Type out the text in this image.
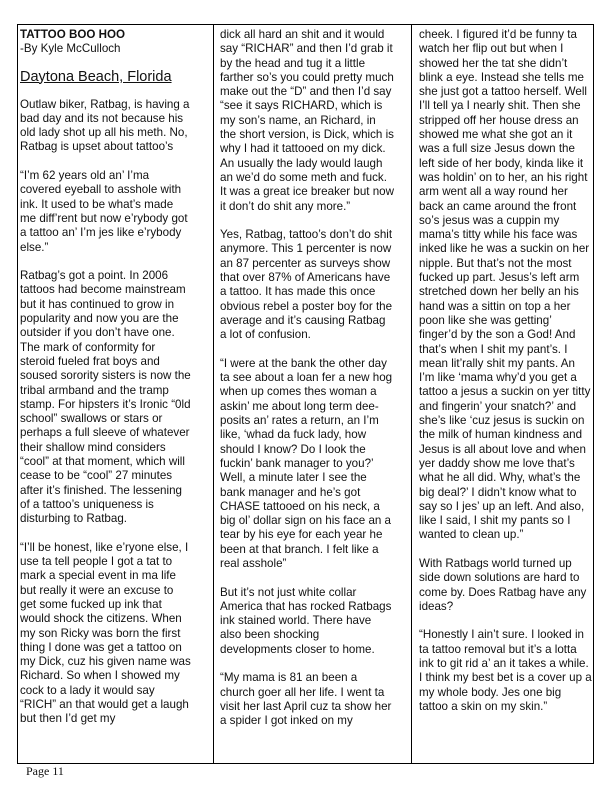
TATTOO BOO HOO
-By Kyle McCulloch
Daytona Beach, Florida

Outlaw biker, Ratbag, is having a bad day and its not because his old lady shot up all his meth. No, Ratbag is upset about tattoo’s

“I’m 62 years old an’ I’ma covered eyeball to asshole with ink. It used to be what’s made me diff’rent but now e’rybody got a tattoo an’ I’m jes like e’rybody else.”

Ratbag’s got a point. In 2006 tattoos had become mainstream but it has continued to grow in popularity and now you are the outsider if you don’t have one. The mark of conformity for steroid fueled frat boys and soused sorority sisters is now the tribal armband and the tramp stamp. For hipsters it’s Ironic “0ld school” swallows or stars or perhaps a full sleeve of whatever their shallow mind considers “cool” at that moment, which will cease to be “cool” 27 minutes after it’s finished. The lessening of a tattoo’s uniqueness is disturbing to Ratbag.

“I’ll be honest, like e’ryone else, I use ta tell people I got a tat to mark a special event in ma life but really it were an excuse to get some fucked up ink that would shock the citizens. When my son Ricky was born the first thing I done was get a tattoo on my Dick, cuz his given name was Richard. So when I showed my cock to a lady it would say “RICH” an that would get a laugh but then I’d get my

dick all hard an shit and it would say “RICHAR” and then I’d grab it by the head and tug it a little farther so’s you could pretty much make out the “D” and then I’d say “see it says RICHARD, which is my son’s name, an Richard, in the short version, is Dick, which is why I had it tattooed on my dick. An usually the lady would laugh an we’d do some meth and fuck. It was a great ice breaker but now it don’t do shit any more.”

Yes, Ratbag, tattoo’s don’t do shit anymore. This 1 percenter is now an 87 percenter as surveys show that over 87% of Americans have a tattoo. It has made this once obvious rebel a poster boy for the average and it’s causing Ratbag a lot of confusion.

“I were at the bank the other day ta see about a loan fer a new hog when up comes thes woman a askin’ me about long term dee-posits an’ rates a return, an I’m like, ‘whad da fuck lady, how should I know? Do I look the fuckin’ bank manager to you?’ Well, a minute later I see the bank manager and he’s got CHASE tattooed on his neck, a big ol’ dollar sign on his face an a tear by his eye for each year he been at that branch. I felt like a real asshole”

But it’s not just white collar America that has rocked Ratbags ink stained world. There have also been shocking developments closer to home.

“My mama is 81 an been a church goer all her life. I went ta visit her last April cuz ta show her a spider I got inked on my

cheek. I figured it’d be funny ta watch her flip out but when I showed her the tat she didn’t blink a eye. Instead she tells me she just got a tattoo herself. Well I’ll tell ya I nearly shit. Then she stripped off her house dress an showed me what she got an it was a full size Jesus down the left side of her body, kinda like it was holdin’ on to her, an his right arm went all a way round her back an came around the front so’s jesus was a cuppin my mama’s titty while his face was inked like he was a suckin on her nipple. But that’s not the most fucked up part. Jesus’s left arm stretched down her belly an his hand was a sittin on top a her poon like she was getting’ finger’d by the son a God! And that’s when I shit my pant’s. I mean lit’rally shit my pants. An I’m like ‘mama why’d you get a tattoo a jesus a suckin on yer titty and fingerin’ your snatch?’ and she’s like ‘cuz jesus is suckin on the milk of human kindness and Jesus is all about love and when yer daddy show me love that’s what he all did. Why, what’s the big deal?’ I didn’t know what to say so I jes’ up an left. And also, like I said, I shit my pants so I wanted to clean up.”

With Ratbags world turned up side down solutions are hard to come by. Does Ratbag have any ideas?

“Honestly I ain’t sure. I looked in ta tattoo removal but it’s a lotta ink to git rid a’ an it takes a while. I think my best bet is a cover up a my whole body. Jes one big tattoo a skin on my skin.”

Page 11
